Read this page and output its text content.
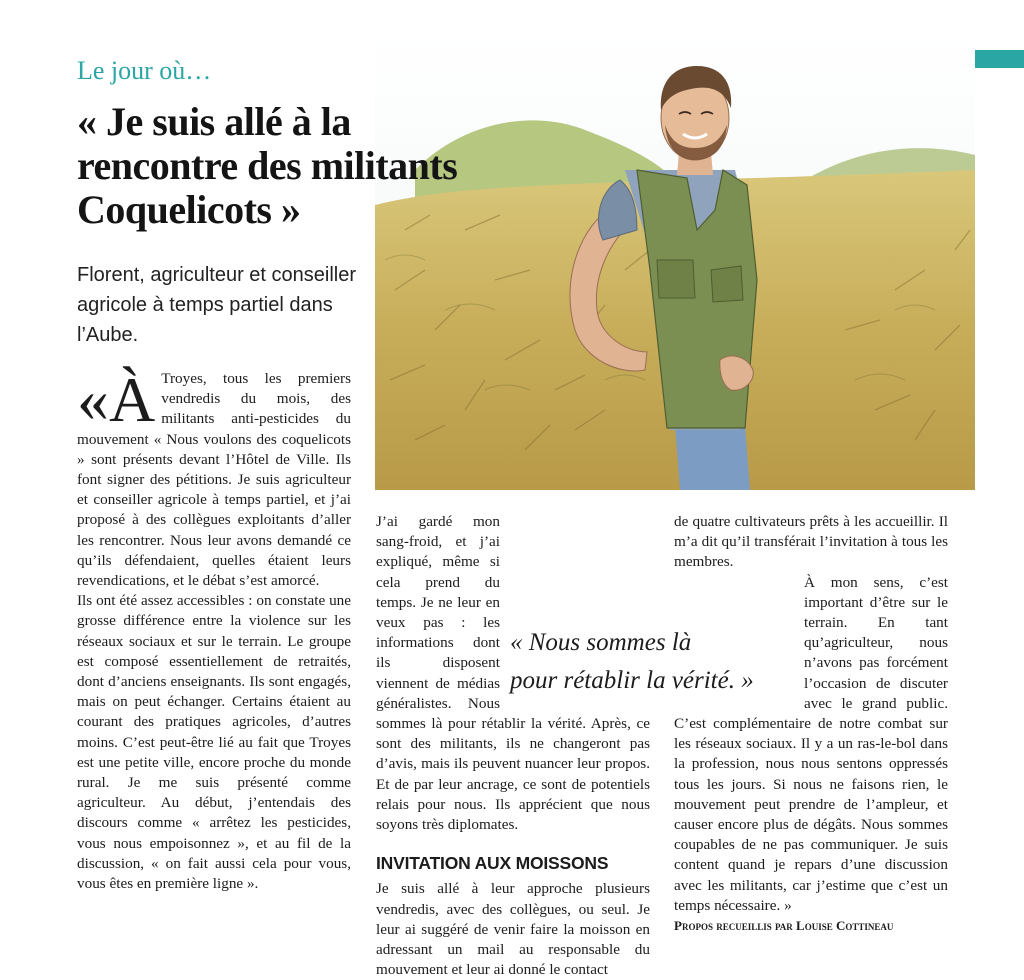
Le jour où…
« Je suis allé à la rencontre des militants Coquelicots »
Florent, agriculteur et conseiller agricole à temps partiel dans l’Aube.
«À Troyes, tous les premiers vendredis du mois, des militants anti-pesticides du mouvement « Nous voulons des coquelicots » sont présents devant l’Hôtel de Ville. Ils font signer des pétitions. Je suis agriculteur et conseiller agricole à temps partiel, et j’ai proposé à des collègues exploitants d’aller les rencontrer. Nous leur avons demandé ce qu’ils défendaient, quelles étaient leurs revendications, et le débat s’est amorcé.

Ils ont été assez accessibles : on constate une grosse différence entre la violence sur les réseaux sociaux et sur le terrain. Le groupe est composé essentiellement de retraités, dont d’anciens enseignants. Ils sont engagés, mais on peut échanger. Certains étaient au courant des pratiques agricoles, d’autres moins. C’est peut-être lié au fait que Troyes est une petite ville, encore proche du monde rural. Je me suis présenté comme agriculteur. Au début, j’entendais des discours comme « arrêtez les pesticides, vous nous empoisonnez », et au fil de la discussion, « on fait aussi cela pour vous, vous êtes en première ligne ».

J’ai gardé mon sang-froid, et j’ai expliqué, même si cela prend du temps. Je ne leur en veux pas : les informations dont ils disposent viennent de médias généralistes. Nous sommes là pour rétablir la vérité. Après, ce sont des militants, ils ne changeront pas d’avis, mais ils peuvent nuancer leur propos. Et de par leur ancrage, ce sont de potentiels relais pour nous. Ils apprécient que nous soyons très diplomates.

INVITATION AUX MOISSONS

Je suis allé à leur approche plusieurs vendredis, avec des collègues, ou seul. Je leur ai suggéré de venir faire la moisson en adressant un mail au responsable du mouvement et leur ai donné le contact

de quatre cultivateurs prêts à les accueillir. Il m’a dit qu’il transférait l’invitation à tous les membres.

À mon sens, c’est important d’être sur le terrain. En tant qu’agriculteur, nous n’avons pas forcément l’occasion de discuter avec le grand public. C’est complémentaire de notre combat sur les réseaux sociaux. Il y a un ras-le-bol dans la profession, nous nous sentons oppressés tous les jours. Si nous ne faisons rien, le mouvement peut prendre de l’ampleur, et causer encore plus de dégâts. Nous sommes coupables de ne pas communiquer. Je suis content quand je repars d’une discussion avec les militants, car j’estime que c’est un temps nécessaire. »

Propos recueillis par Louise Cottineau
« Nous sommes là
pour rétablir la vérité. »
